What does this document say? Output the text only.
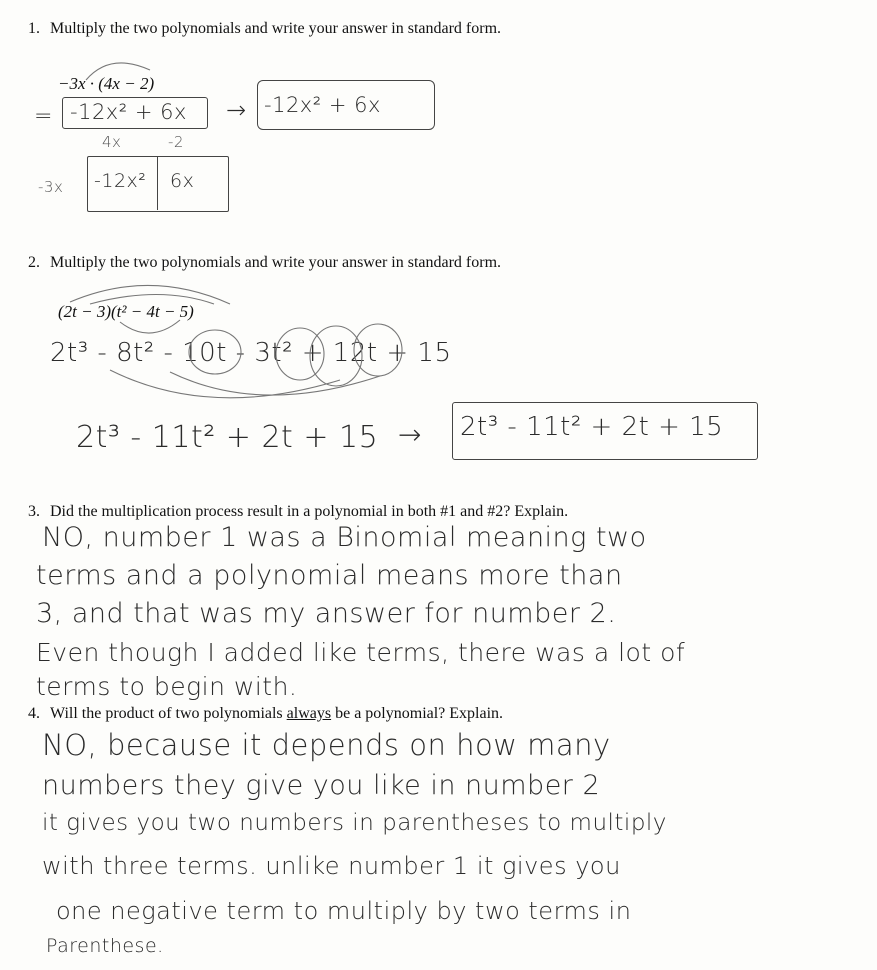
1. Multiply the two polynomials and write your answer in standard form.
−3x · (4x − 2)
= -12x² + 6x → -12x² + 6x
4x	-2
-3x -12x² 6x
2. Multiply the two polynomials and write your answer in standard form.
(2t − 3)(t² − 4t − 5)
2t³ - 8t² - 10t - 3t² + 12t + 15
2t³ - 11t² + 2t + 15 → 2t³ - 11t² + 2t + 15
3. Did the multiplication process result in a polynomial in both #1 and #2? Explain.
NO, number 1 was a Binomial meaning two
terms and a polynomial means more than
3, and that was my answer for number 2.
Even though I added like terms, there was a lot of
terms to begin with.
4. Will the product of two polynomials always be a polynomial? Explain.
NO, because it depends on how many
numbers they give you like in number 2
it gives you two numbers in parentheses to multiply
with three terms. unlike number 1 it gives you
one negative term to multiply by two terms in
Parenthese.
